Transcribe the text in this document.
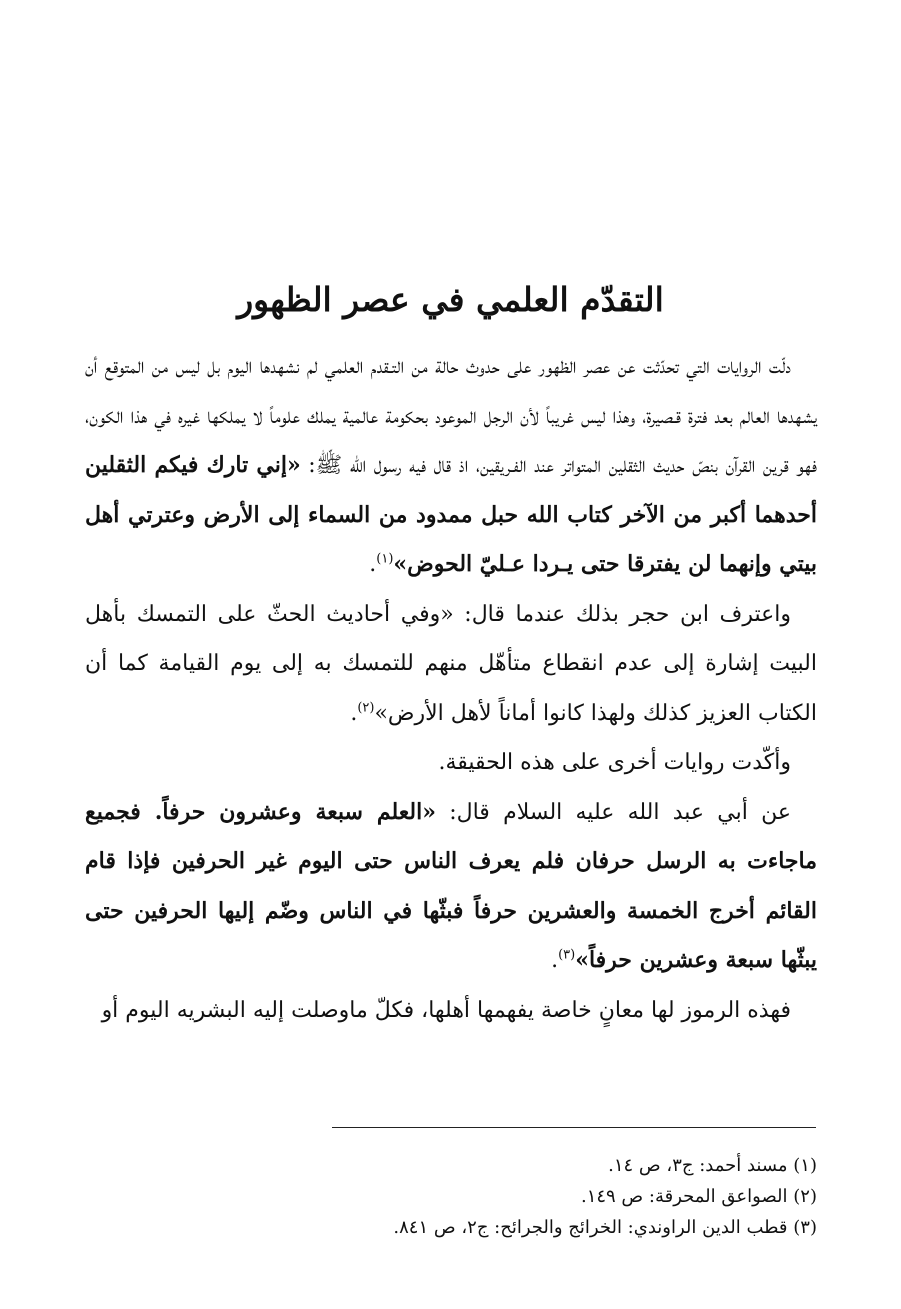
التقدّم العلمي في عصر الظهور

دلّت الروايات التي تحدّثت عن عصر الظهور على حدوث حالة من التـقدم العلمي لم نشهدها اليوم بل ليس من المتوقع أن يشهدها العالم بعد فترة قـصيرة، وهذا ليس غريباً لأن الرجل الموعود بحكومة عالمية يملك علوماً لا يملكها غيره في هذا الكون، فهو قرين القرآن بنصّ حديث الثقلين المتواتر عند الفـريقين، اذ قال فيه رسول الله ﷺ: «إني تارك فيكم الثقلين أحدهما أكبر من الآخر كتاب الله حبل ممدود من السماء إلى الأرض وعترتي أهل بيتي وإنهما لن يفترقا حتى يـردا عـليّ الحوض»$^{(١)}$.

واعترف ابن حجر بذلك عندما قال: «وفي أحاديث الحثّ على التمسك بأهل البيت إشارة إلى عدم انقطاع متأهّل منهم للتمسك به إلى يوم القيامة كما أن الكتاب العزيز كذلك ولهذا كانوا أماناً لأهل الأرض»$^{(٢)}$.

وأكّدت روايات أخرى على هذه الحقيقة.

عن أبي عبد الله عليه السلام قال: «العلم سبعة وعشرون حرفاً. فجميع ماجاءت به الرسل حرفان فلم يعرف الناس حتى اليوم غير الحرفين فإذا قام القائم أخرج الخمسة والعشرين حرفاً فبثّها في الناس وضّم إليها الحرفين حتى يبثّها سبعة وعشرين حرفاً»$^{(٣)}$.

فهذه الرموز لها معانٍ خاصة يفهمها أهلها، فكلّ ماوصلت إليه البشريه اليوم أو

(١) مسند أحمد: ج٣، ص ١٤.

(٢) الصواعق المحرقة: ص ١٤٩.

(٣) قطب الدين الراوندي: الخرائج والجرائح: ج٢، ص ٨٤١.
